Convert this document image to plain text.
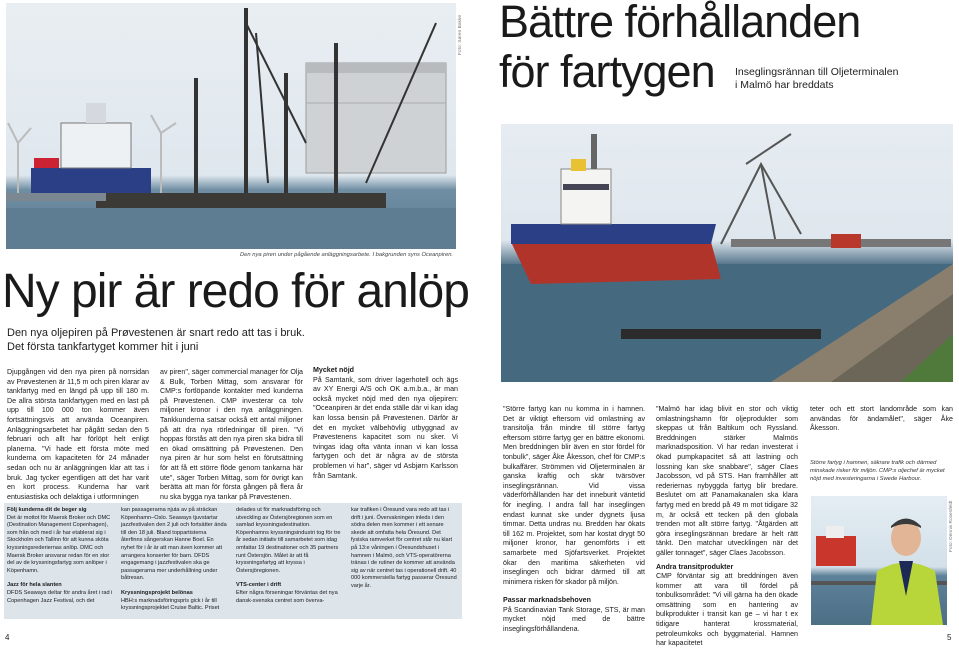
Foto: Søren Bakke
Den nya piren under pågående anläggningsarbete. I bakgrunden syns Oceanpiren.
Ny pir är redo för anlöp
Den nya oljepiren på Prøvestenen är snart redo att tas i bruk.
Det första tankfartyget kommer hit i juni

Djupgången vid den nya piren på norrsidan av Prøvestenen är 11,5 m och piren klarar av tankfartyg med en längd på upp till 180 m. De allra största tankfartygen med en last på upp till 100 000 ton kommer även fortsättningsvis att använda Oceanpiren. Anläggningsarbetet har pågått sedan den 5 februari och allt har förlöpt helt enligt planerna. "Vi hade ett första möte med kunderna om kapaciteten för 24 månader sedan och nu är anläggningen klar att tas i bruk. Jag tycker egentligen att det har varit en kort process. Kunderna har varit entusiastiska och delaktiga i utformningen

av piren", säger commercial manager för Olja & Bulk, Torben Mittag, som ansvarar för CMP:s fortlöpande kontakter med kunderna på Prøvestenen. CMP investerar ca tolv miljoner kronor i den nya anläggningen. Tankkunderna satsar också ett antal miljoner på att dra nya rörledningar till piren. "Vi hoppas förstås att den nya piren ska bidra till en ökad omsättning på Prøvestenen. Den nya piren är hur som helst en förutsättning för att få ett större flöde genom tankarna här ute", säger Torben Mittag, som för övrigt kan berätta att man för första gången på flera år nu ska bygga nya tankar på Prøvestenen.

Mycket nöjd

På Samtank, som driver lagerhotell och ägs av XY Energi A/S och OK a.m.b.a., är man också mycket nöjd med den nya oljepiren: "Oceanpiren är det enda ställe där vi kan idag kan lossa bensin på Prøvestenen. Därför är det en mycket välbehövlig utbyggnad av Prøvestenens kapacitet som nu sker. Vi tvingas idag ofta vänta innan vi kan lossa fartygen och det är några av de största problemen vi har", säger vd Asbjørn Karlsson från Samtank.

Följ kunderna dit de beger sig
Det är mottot för Maersk Broker och DMC (Destination Management Copenhagen), som från och med i år har etablerat sig i Stockholm och Tallinn för att kunna sköta kryssningsrederiernas anlöp. DMC och Maersk Broker ansvarar redan för en stor del av de kryssningsfartyg som anlöper i Köpenhamn.
Jazz för hela slanten
DFDS Seaways deltar för andra året i rad i Copenhagen Jazz Festival, och det
kan passagerarna njuta av på sträckan Köpenhamn–Oslo. Seaways tjuvstartar jazzfestivalen den 2 juli och fortsätter ända till den 18 juli. Bland toppartisterna återfinns sångerskan Hanne Boel. En nyhet för i år är att man även kommer att arrangera konserter för barn. DFDS engagemang i jazzfestivalen ska ge passagerarna mer underhållning under båtresan.
Kryssningsprojekt belönas
HBH:s marknadsföringspris gick i år till kryssningsprojektet Cruise Baltic. Priset
delades ut för marknadsföring och utveckling av Östersjöregionen som en samlad kryssningsdestination. Köpenhamns kryssningsindustri tog för tre år sedan initiativ till samarbetet som idag omfattar 19 destinationer och 35 partners runt Östersjön. Målet är att få kryssningsfartyg att kryssa i Östersjöregionen.
VTS-center i drift
Efter några förseningar förväntas det nya dansk-svenska centret som överva-
kar trafiken i Öresund vara redo att tas i drift i juni. Övervakningen inleds i den södra delen men kommer i ett senare skede att omfatta hela Öresund. Det fysiska ramverket för centret står nu klart på 13:e våningen i Öresundshuset i hamnen i Malmö, och VTS-operatörerna tränas i de rutiner de kommer att använda sig av när centret tas i operationell drift. 40 000 kommersiella fartyg passerar Öresund varje år.
4
Bättre förhållanden
för fartygen Inseglingsrännan till Oljeterminalen
i Malmö har breddats

"Större fartyg kan nu komma in i hamnen. Det är viktigt eftersom vid omlastning av transitolja från mindre till större fartyg eftersom större fartyg ger en bättre ekonomi. Men breddningen blir även en stor fördel för tonbulk", säger Åke Åkesson, chef för CMP:s bulkaffärer. Strömmen vid Oljeterminalen är ganska kraftig och skär tvärsöver inseglingsrännan. Vid vissa väderförhållanden har det inneburit väntetid för inegling. I andra fall har inseglingen endast kunnat ske under dygnets ljusa timmar. Detta undras nu. Bredden har ökats till 162 m. Projektet, som har kostat drygt 50 miljoner kronor, har genomförts i ett samarbete med Sjöfartsverket. Projektet ökar den maritima säkerheten vid inseglingen och bidrar därmed till att minimera risken för skador på miljön.

Passar marknadsbehoven

På Scandinavian Tank Storage, STS, är man mycket nöjd med de bättre inseglingsförhållandena.

"Malmö har idag blivit en stor och viktig omlastningshamn för oljeprodukter som skeppas ut från Baltikum och Ryssland. Breddningen stärker Malmös marknadsposition. Vi har redan investerat i ökad pumpkapacitet så att lastning och lossning kan ske snabbare", säger Claes Jacobsson, vd på STS. Han framhåller att rederiernas nybyggda fartyg blir bredare. Beslutet om att Panamakanalen ska klara fartyg med en bredd på 49 m mot tidigare 32 m, är också ett tecken på den globala trenden mot allt större fartyg. "Åtgärden att göra inseglingsrännan bredare är helt rätt tänkt. Den matchar utvecklingen när det gäller tonnaget", säger Claes Jacobsson.

Andra transitprodukter

CMP förväntar sig att breddningen även kommer att vara till fördel på tonbulksområdet: "Vi vill gärna ha den ökade omsättning som en hantering av bulkprodukter i transit kan ge – vi har t ex tidigare hanterat krossmaterial, petroleumkoks och byggmaterial. Hamnen har kapacitetet

teter och ett stort landområde som kan användas för ändamålet", säger Åke Åkesson.

Större fartyg i hamnen, säkrare trafik och därmed minskade risker för miljön. CMP:s oljechef är mycket nöjd med investeringarna i Swede Harbour.
Foto: Dennis Rosenfeldt
5
